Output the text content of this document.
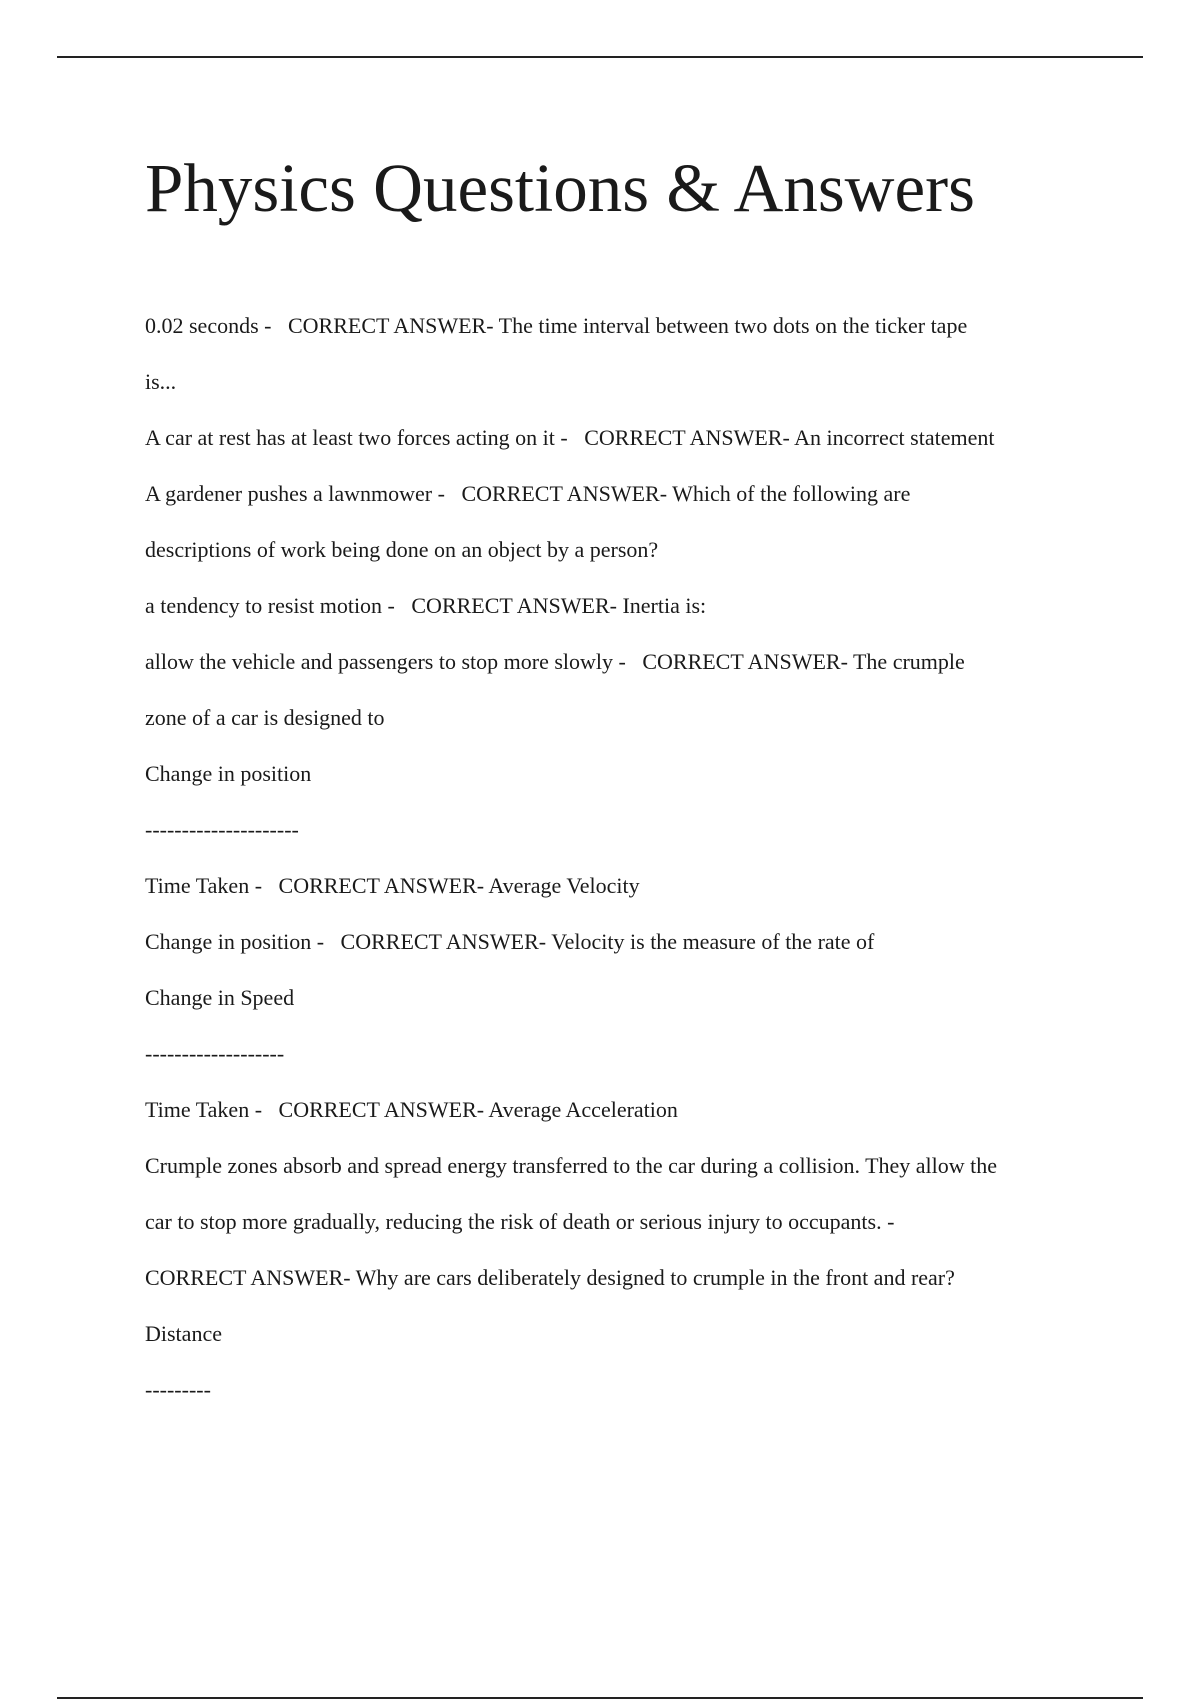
Physics Questions & Answers
0.02 seconds -   CORRECT ANSWER- The time interval between two dots on the ticker tape
is...
A car at rest has at least two forces acting on it -   CORRECT ANSWER- An incorrect statement
A gardener pushes a lawnmower -   CORRECT ANSWER- Which of the following are
descriptions of work being done on an object by a person?
a tendency to resist motion -   CORRECT ANSWER- Inertia is:
allow the vehicle and passengers to stop more slowly -   CORRECT ANSWER- The crumple
zone of a car is designed to
Change in position
---------------------
Time Taken -   CORRECT ANSWER- Average Velocity
Change in position -   CORRECT ANSWER- Velocity is the measure of the rate of
Change in Speed
-------------------
Time Taken -   CORRECT ANSWER- Average Acceleration
Crumple zones absorb and spread energy transferred to the car during a collision. They allow the
car to stop more gradually, reducing the risk of death or serious injury to occupants. -
CORRECT ANSWER- Why are cars deliberately designed to crumple in the front and rear?
Distance
---------
